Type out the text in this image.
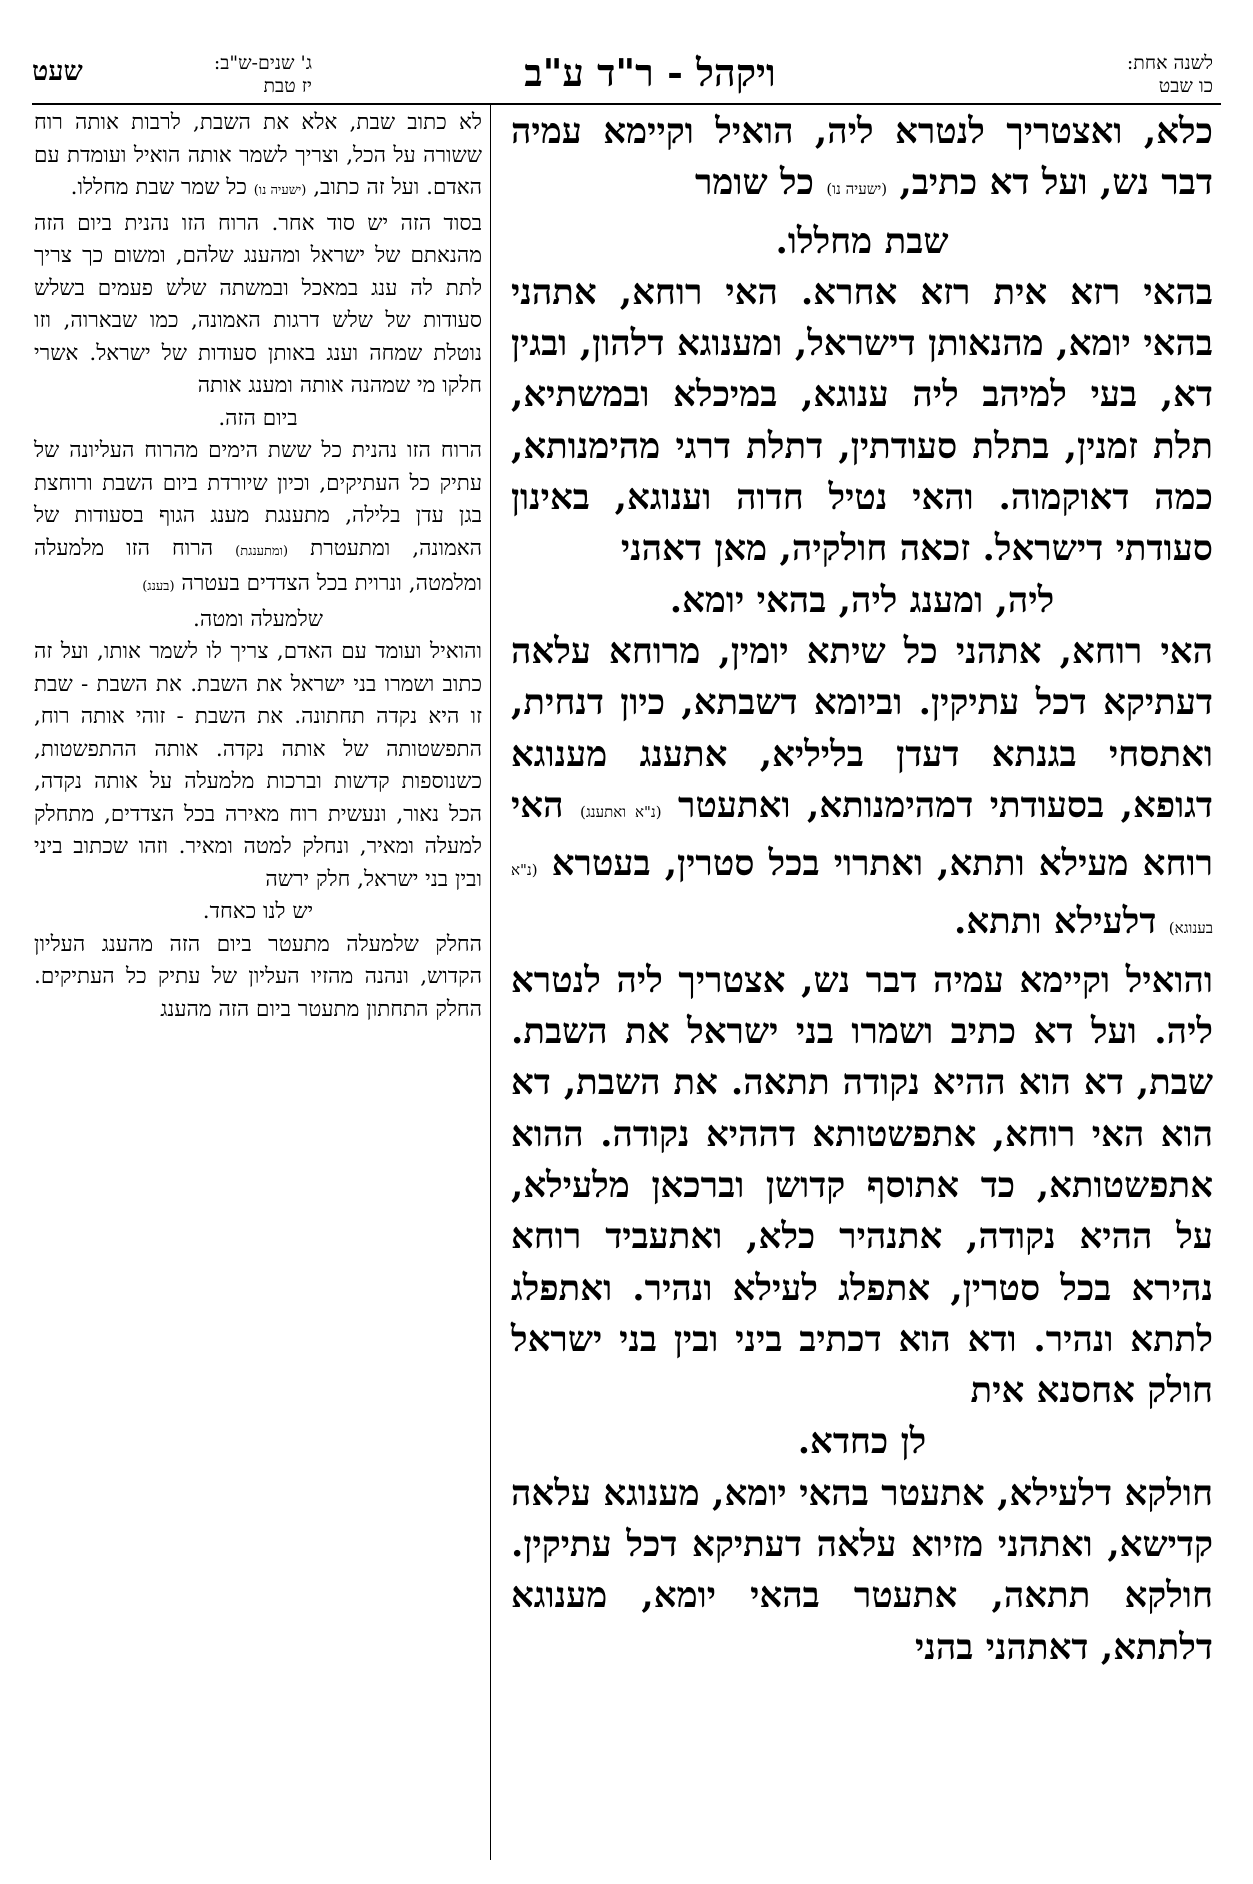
לשנה אחת:
כו שבט
ויקהל - ר"ד ע"ב
ג' שנים-ש"ב:
יז טבת
שעט

כלא, ואצטריך לנטרא ליה, הואיל וקיימא עמיה דבר נש, ועל דא כתיב, (ישעיה נו) כל שומר

שבת מחללו.

בהאי רזא אית רזא אחרא. האי רוחא, אתהני בהאי יומא, מהנאותן דישראל, ומענוגא דלהון, ובגין דא, בעי למיהב ליה ענוגא, במיכלא ובמשתיא, תלת זמנין, בתלת סעודתין, דתלת דרגי מהימנותא, כמה דאוקמוה. והאי נטיל חדוה וענוגא, באינון סעודתי דישראל. זכאה חולקיה, מאן דאהני

ליה, ומענג ליה, בהאי יומא.

האי רוחא, אתהני כל שיתא יומין, מרוחא עלאה דעתיקא דכל עתיקין. וביומא דשבתא, כיון דנחית, ואתסחי בגנתא דעדן בליליא, אתענג מענוגא דגופא, בסעודתי דמהימנותא, ואתעטר (נ"א ואתענג) האי רוחא מעילא ותתא, ואתרוי בכל סטרין, בעטרא (נ"א בענוגא) דלעילא ותתא.

והואיל וקיימא עמיה דבר נש, אצטריך ליה לנטרא ליה. ועל דא כתיב ושמרו בני ישראל את השבת. שבת, דא הוא ההיא נקודה תתאה. את השבת, דא הוא האי רוחא, אתפשטותא דההיא נקודה. ההוא אתפשטותא, כד אתוסף קדושן וברכאן מלעילא, על ההיא נקודה, אתנהיר כלא, ואתעביד רוחא נהירא בכל סטרין, אתפלג לעילא ונהיר. ואתפלג לתתא ונהיר. ודא הוא דכתיב ביני ובין בני ישראל חולק אחסנא אית

לן כחדא.

חולקא דלעילא, אתעטר בהאי יומא, מענוגא עלאה קדישא, ואתהני מזיוא עלאה דעתיקא דכל עתיקין. חולקא תתאה, אתעטר בהאי יומא, מענוגא דלתתא, דאתהני בהני

לא כתוב שבת, אלא את השבת, לרבות אותה רוח ששורה על הכל, וצריך לשמר אותה הואיל ועומדת עם האדם. ועל זה כתוב, (ישעיה נו) כל שמר שבת מחללו.

בסוד הזה יש סוד אחר. הרוח הזו נהנית ביום הזה מהנאתם של ישראל ומהענג שלהם, ומשום כך צריך לתת לה ענג במאכל ובמשתה שלש פעמים בשלש סעודות של שלש דרגות האמונה, כמו שבארוה, וזו נוטלת שמחה וענג באותן סעודות של ישראל. אשרי חלקו מי שמהנה אותה ומענג אותה

ביום הזה.

הרוח הזו נהנית כל ששת הימים מהרוח העליונה של עתיק כל העתיקים, וכיון שיורדת ביום השבת ורוחצת בגן עדן בלילה, מתענגת מענג הגוף בסעודות של האמונה, ומתעטרת (ומתענגת) הרוח הזו מלמעלה ומלמטה, ונרוית בכל הצדדים בעטרה (בענג)

שלמעלה ומטה.

והואיל ועומד עם האדם, צריך לו לשמר אותו, ועל זה כתוב ושמרו בני ישראל את השבת. את השבת - שבת זו היא נקדה תחתונה. את השבת - זוהי אותה רוח, התפשטותה של אותה נקדה. אותה ההתפשטות, כשנוספות קדשות וברכות מלמעלה על אותה נקדה, הכל נאור, ונעשית רוח מאירה בכל הצדדים, מתחלק למעלה ומאיר, ונחלק למטה ומאיר. וזהו שכתוב ביני ובין בני ישראל, חלק ירשה

יש לנו כאחד.

החלק שלמעלה מתעטר ביום הזה מהענג העליון הקדוש, ונהנה מהזיו העליון של עתיק כל העתיקים. החלק התחתון מתעטר ביום הזה מהענג
